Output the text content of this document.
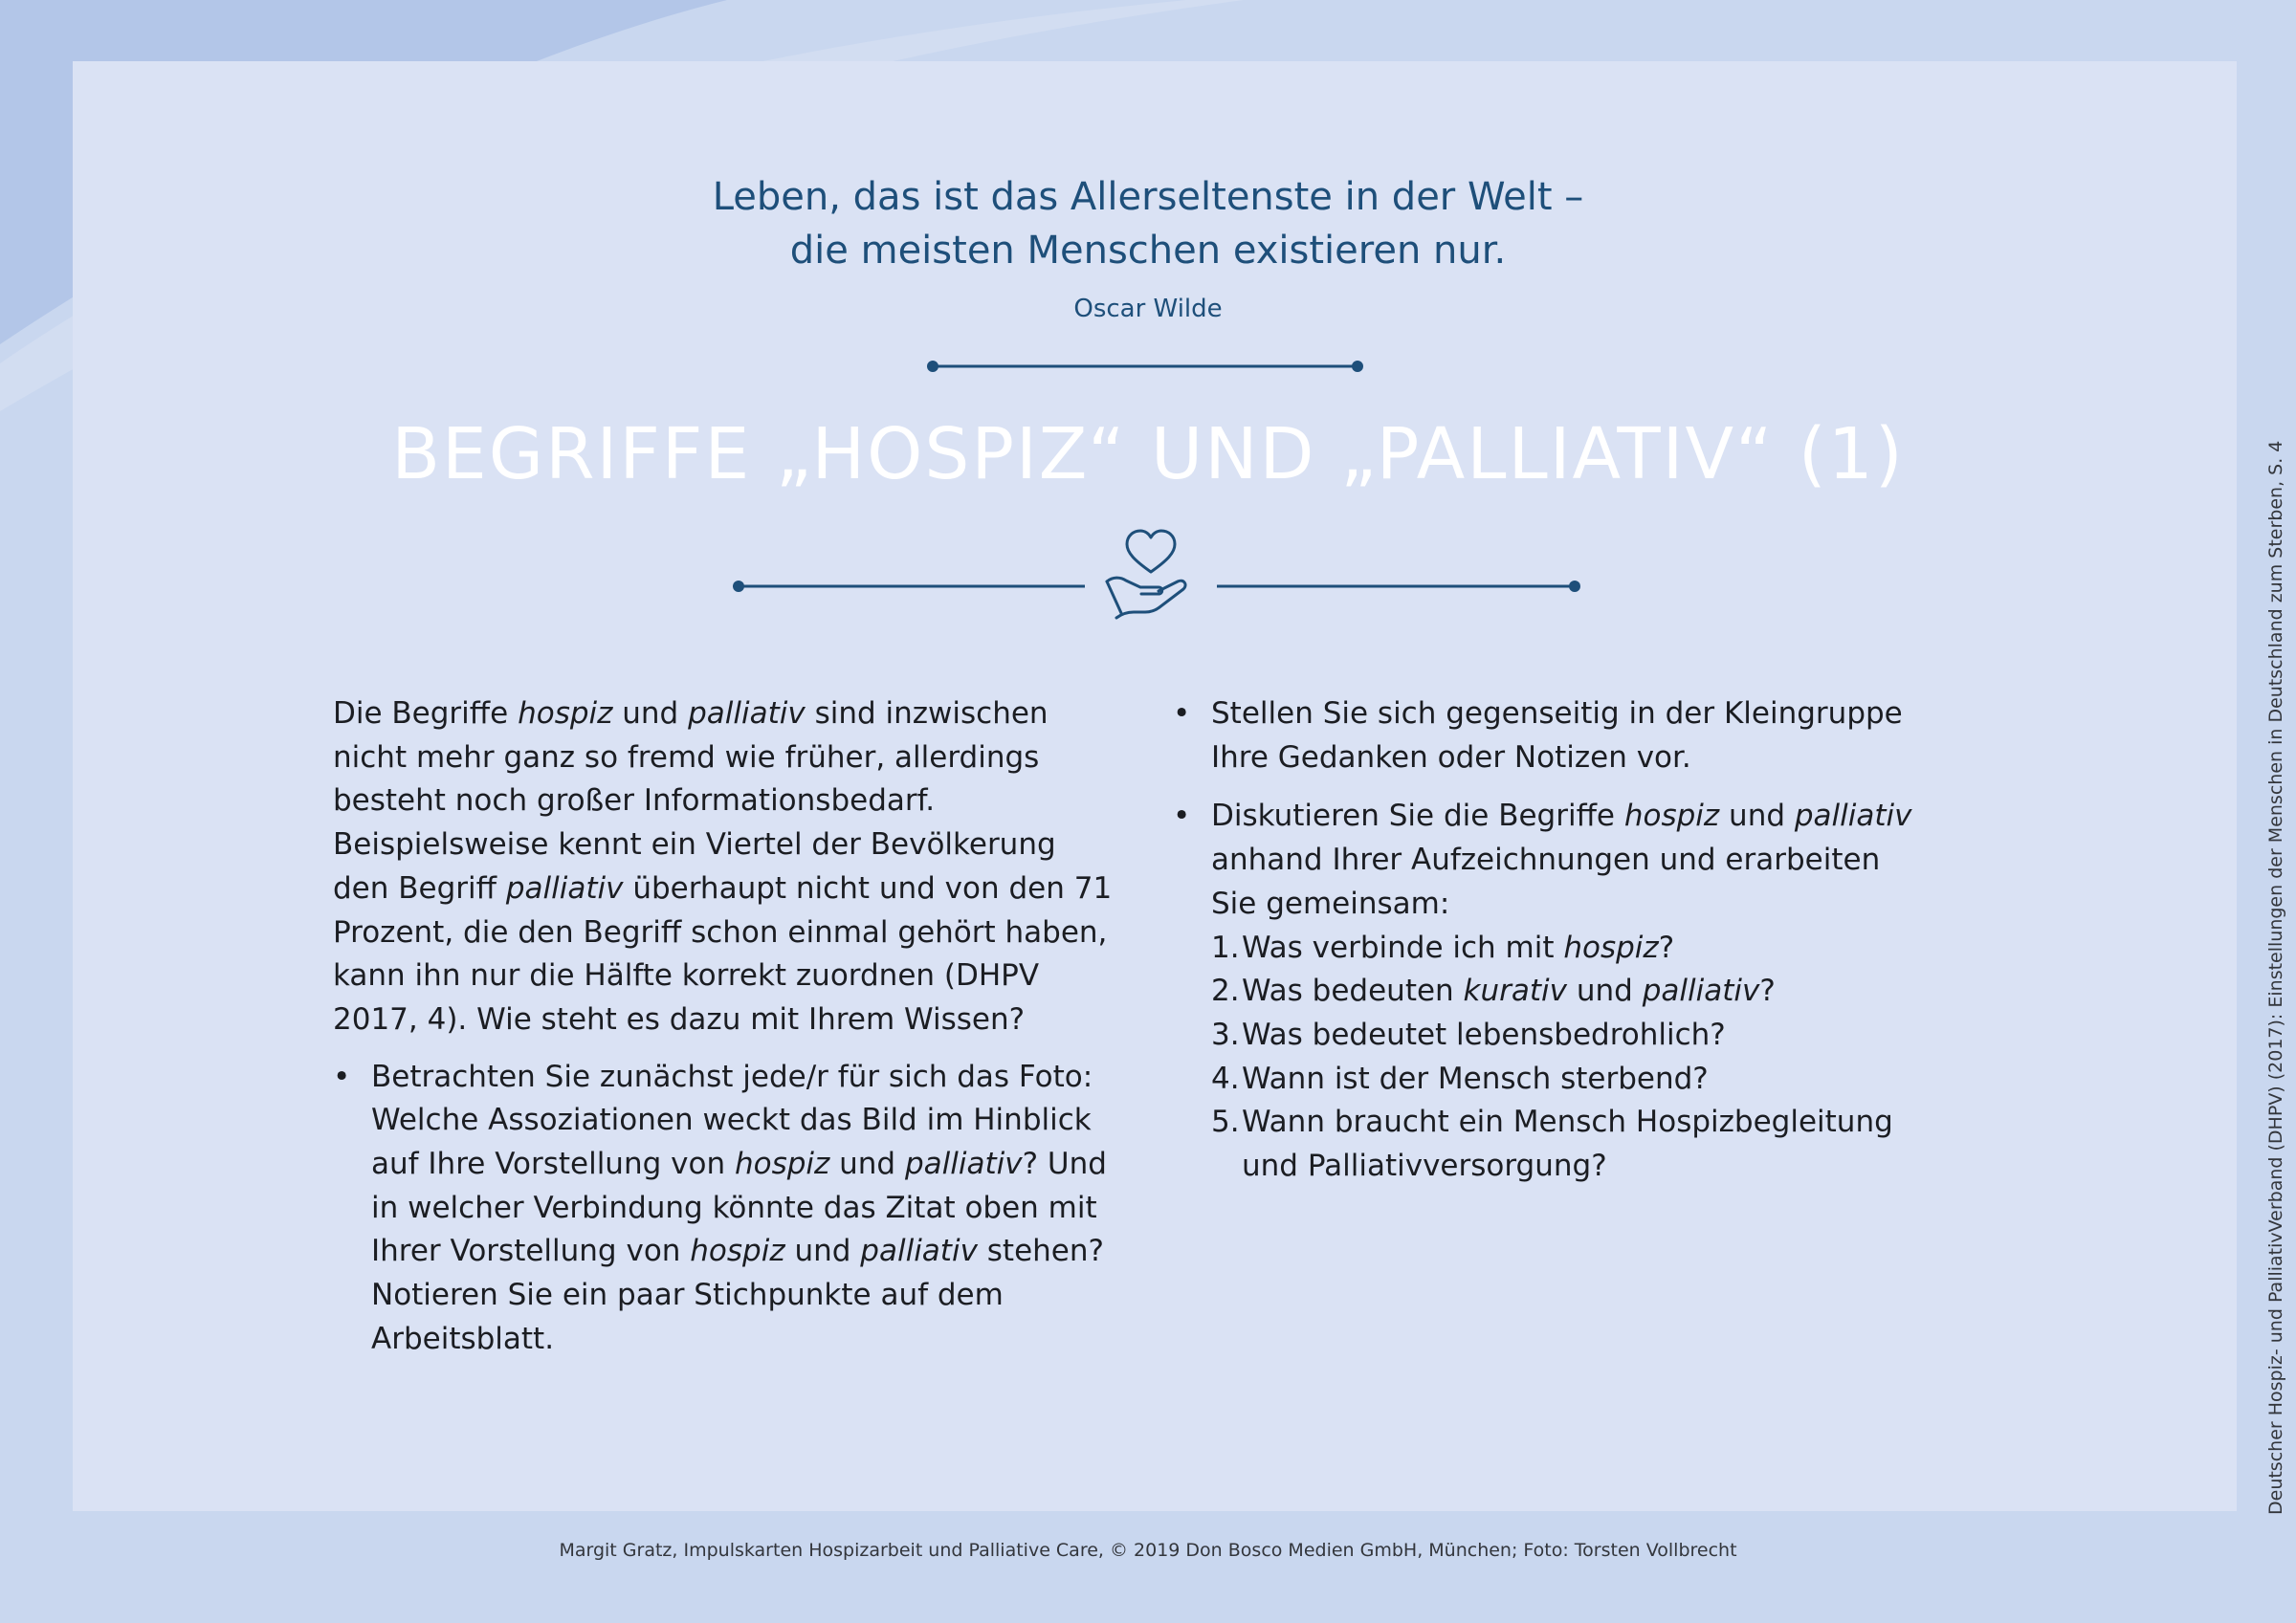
Leben, das ist das Allerseltenste in der Welt –
die meisten Menschen existieren nur.
Oscar Wilde
BEGRIFFE „HOSPIZ“ UND „PALLIATIV“ (1)

Die Begriffe hospiz und palliativ sind inzwischen nicht mehr ganz so fremd wie früher, allerdings besteht noch großer Informationsbedarf. Beispielsweise kennt ein Viertel der Bevölkerung den Begriff palliativ überhaupt nicht und von den 71 Prozent, die den Begriff schon einmal gehört haben, kann ihn nur die Hälfte korrekt zuordnen (DHPV 2017, 4). Wie steht es dazu mit Ihrem Wissen?

• Betrachten Sie zunächst jede/r für sich das Foto: Welche Assoziationen weckt das Bild im Hinblick auf Ihre Vorstellung von hospiz und palliativ? Und in welcher Verbindung könnte das Zitat oben mit Ihrer Vorstellung von hospiz und palliativ stehen? Notieren Sie ein paar Stichpunkte auf dem Arbeitsblatt.

• Stellen Sie sich gegenseitig in der Kleingruppe Ihre Gedanken oder Notizen vor.

• Diskutieren Sie die Begriffe hospiz und palliativ anhand Ihrer Aufzeichnungen und erarbeiten Sie gemeinsam:
1. Was verbinde ich mit hospiz?
2. Was bedeuten kurativ und palliativ?
3. Was bedeutet lebensbedrohlich?
4. Wann ist der Mensch sterbend?
5. Wann braucht ein Mensch Hospizbegleitung und Palliativversorgung?	Deutscher Hospiz- und PalliativVerband (DHPV) (2017): Einstellungen der Menschen in Deutschland zum Sterben, S. 4
Margit Gratz, Impulskarten Hospizarbeit und Palliative Care, © 2019 Don Bosco Medien GmbH, München; Foto: Torsten Vollbrecht
